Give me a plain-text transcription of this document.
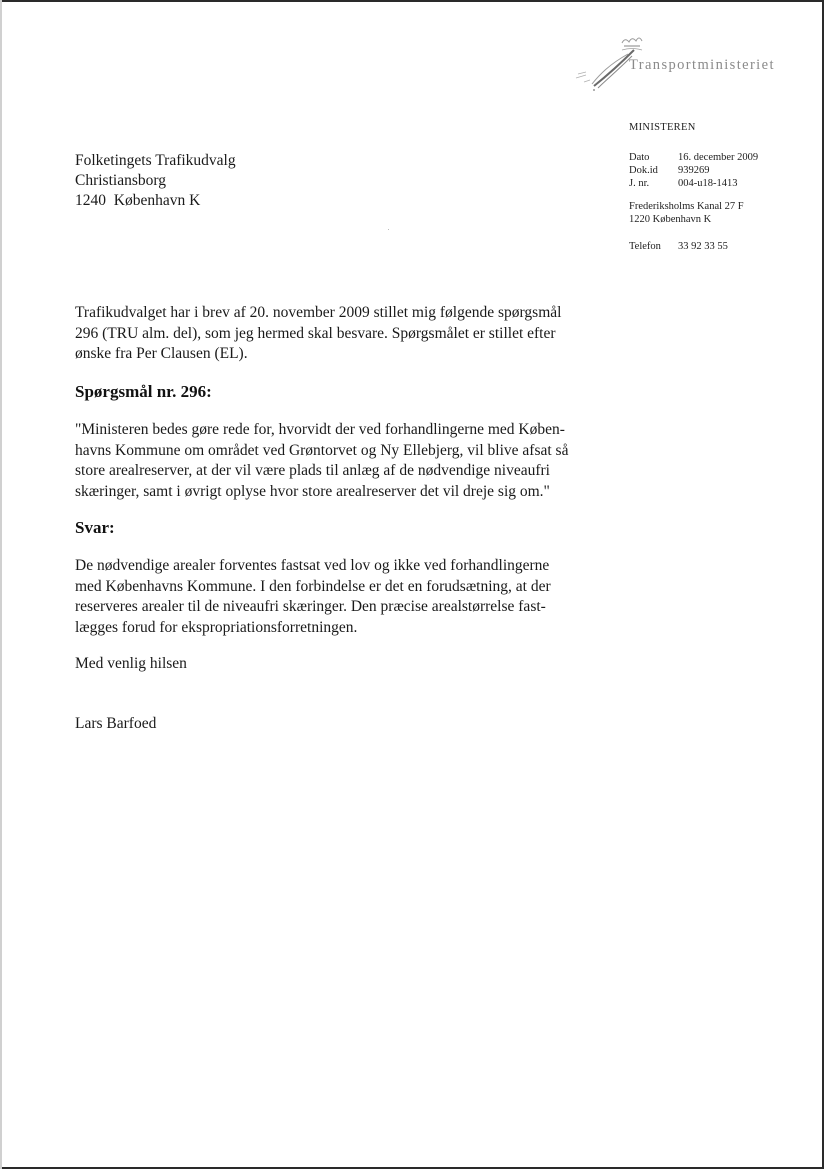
Transportministeriet
MINISTEREN
Dato	16. december 2009
Dok.id	939269
J. nr.	004-u18-1413
Frederiksholms Kanal 27 F
1220 København K
Telefon	33 92 33 55
Folketingets Trafikudvalg
Christiansborg
1240  København K
Trafikudvalget har i brev af 20. november 2009 stillet mig følgende spørgsmål
296 (TRU alm. del), som jeg hermed skal besvare. Spørgsmålet er stillet efter
ønske fra Per Clausen (EL).
Spørgsmål nr. 296:
"Ministeren bedes gøre rede for, hvorvidt der ved forhandlingerne med Køben-
havns Kommune om området ved Grøntorvet og Ny Ellebjerg, vil blive afsat så
store arealreserver, at der vil være plads til anlæg af de nødvendige niveaufri
skæringer, samt i øvrigt oplyse hvor store arealreserver det vil dreje sig om."
Svar:
De nødvendige arealer forventes fastsat ved lov og ikke ved forhandlingerne
med Københavns Kommune. I den forbindelse er det en forudsætning, at der
reserveres arealer til de niveaufri skæringer. Den præcise arealstørrelse fast-
lægges forud for ekspropriationsforretningen.
Med venlig hilsen
Lars Barfoed
